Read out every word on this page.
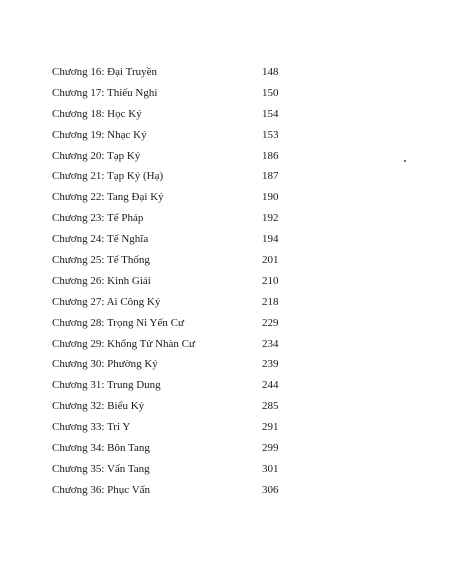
Chương 16: Đại Truyền	148
Chương 17: Thiếu Nghi	150
Chương 18: Học Ký	154
Chương 19: Nhạc Ký	153
Chương 20: Tạp Ký	186
Chương 21: Tạp Ký (Hạ)	187
Chương 22: Tang Đại Ký	190
Chương 23: Tế Pháp	192
Chương 24: Tế Nghĩa	194
Chương 25: Tế Thống	201
Chương 26: Kinh Giải	210
Chương 27: Ai Công Ký	218
Chương 28: Trọng Ni Yến Cư	229
Chương 29: Khổng Tử Nhàn Cư	234
Chương 30: Phường Ký	239
Chương 31: Trung Dung	244
Chương 32: Biểu Ký	285
Chương 33: Tri Y	291
Chương 34: Bôn Tang	299
Chương 35: Vấn Tang	301
Chương 36: Phục Vấn	306
